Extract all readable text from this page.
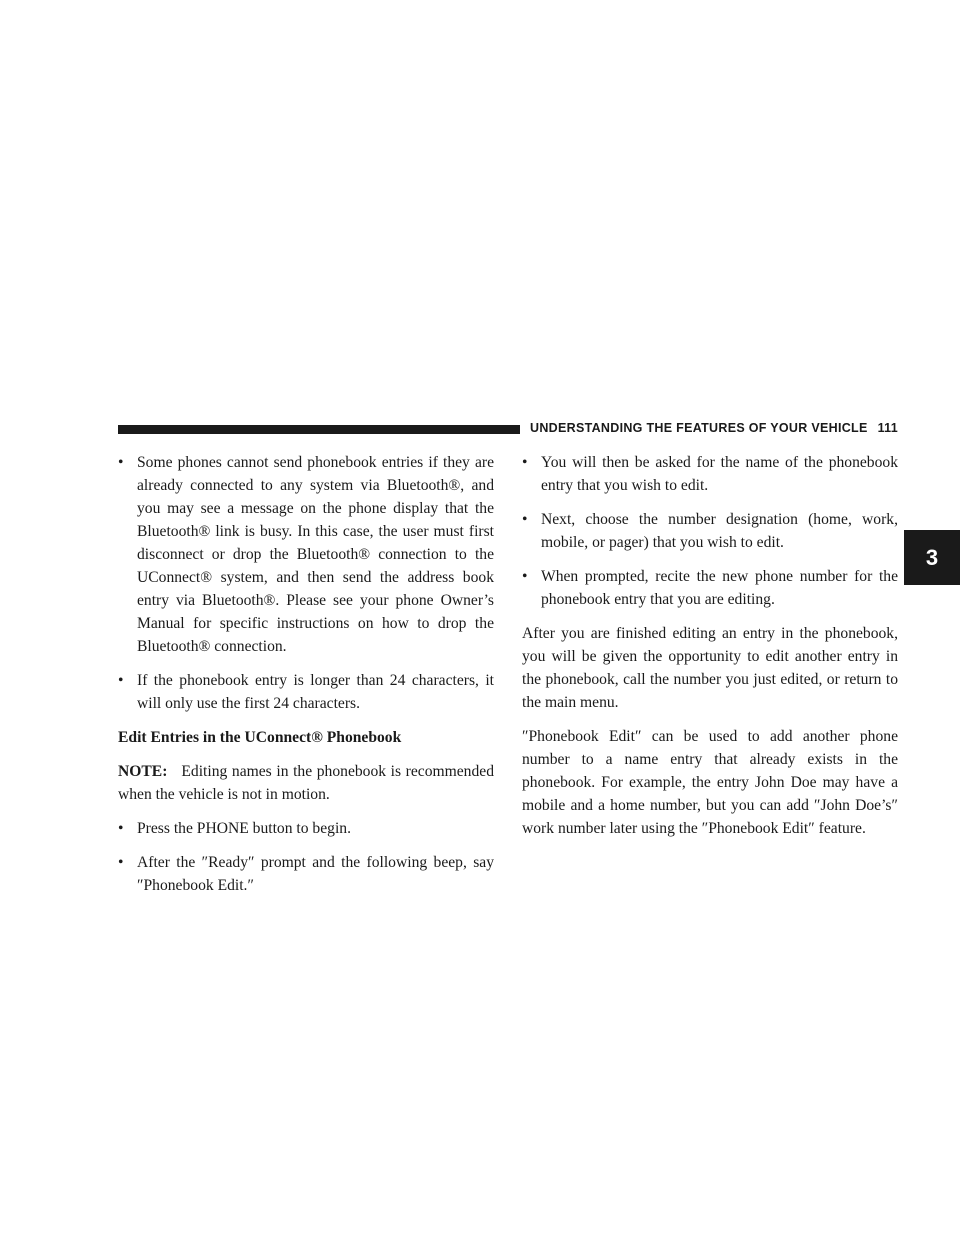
UNDERSTANDING THE FEATURES OF YOUR VEHICLE 111
3
• Some phones cannot send phonebook entries if they are already connected to any system via Bluetooth®, and you may see a message on the phone display that the Bluetooth® link is busy. In this case, the user must first disconnect or drop the Bluetooth® connection to the UConnect® system, and then send the address book entry via Bluetooth®. Please see your phone Owner’s Manual for specific instructions on how to drop the Bluetooth® connection.
• If the phonebook entry is longer than 24 characters, it will only use the first 24 characters.
Edit Entries in the UConnect® Phonebook
NOTE: Editing names in the phonebook is recommended when the vehicle is not in motion.
• Press the PHONE button to begin.
• After the ″Ready″ prompt and the following beep, say ″Phonebook Edit.″
• You will then be asked for the name of the phonebook entry that you wish to edit.
• Next, choose the number designation (home, work, mobile, or pager) that you wish to edit.
• When prompted, recite the new phone number for the phonebook entry that you are editing.
After you are finished editing an entry in the phonebook, you will be given the opportunity to edit another entry in the phonebook, call the number you just edited, or return to the main menu.
″Phonebook Edit″ can be used to add another phone number to a name entry that already exists in the phonebook. For example, the entry John Doe may have a mobile and a home number, but you can add ″John Doe’s″ work number later using the ″Phonebook Edit″ feature.
